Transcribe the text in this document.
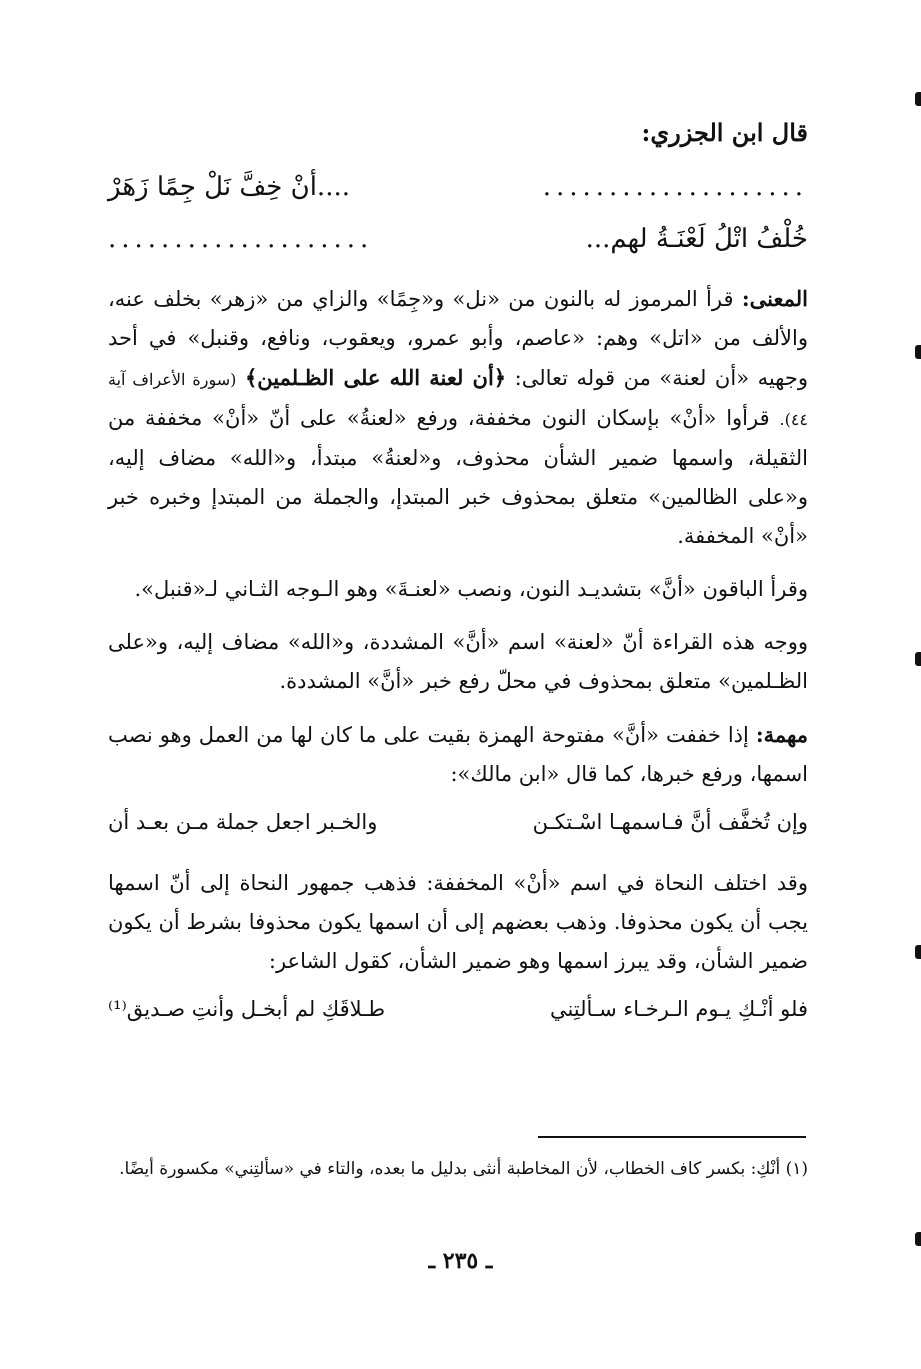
قال ابن الجزري:
....................
....أنْ خِفَّ نَلْ جِمًا زَهَرْ
خُلْفُ اتْلُ لَعْنَـةُ لهم...
....................

المعنى: قرأ المرموز له بالنون من «نل» و«جِمًا» والزاي من «زهر» بخلف عنه، والألف من «اتل» وهم: «عاصم، وأبو عمرو، ويعقوب، ونافع، وقنبل» في أحد وجهيه «أن لعنة» من قوله تعالى: ﴿أن لعنة الله على الظـلمين﴾ (سورة الأعراف آية ٤٤). قرأوا «أنْ» بإسكان النون مخففة، ورفع «لعنةُ» على أنّ «أنْ» مخففة من الثقيلة، واسمها ضمير الشأن محذوف، و«لعنةُ» مبتدأ، و«الله» مضاف إليه، و«على الظالمين» متعلق بمحذوف خبر المبتدإ، والجملة من المبتدإ وخبره خبر «أنْ» المخففة.

وقرأ الباقون «أنَّ» بتشديـد النون، ونصب «لعنـةَ» وهو الـوجه الثـاني لـ«قنبل».

ووجه هذه القراءة أنّ «لعنة» اسم «أنَّ» المشددة، و«الله» مضاف إليه، و«على الظـلمين» متعلق بمحذوف في محلّ رفع خبر «أنَّ» المشددة.

مهمة: إذا خففت «أنَّ» مفتوحة الهمزة بقيت على ما كان لها من العمل وهو نصب اسمها، ورفع خبرها، كما قال «ابن مالك»:

وإن تُخفَّف أنَّ فـاسمهـا اسْـتكـن
والخـبر اجعل جملة مـن بعـد أن

وقد اختلف النحاة في اسم «أنْ» المخففة: فذهب جمهور النحاة إلى أنّ اسمها يجب أن يكون محذوفا. وذهب بعضهم إلى أن اسمها يكون محذوفا بشرط أن يكون ضمير الشأن، وقد يبرز اسمها وهو ضمير الشأن، كقول الشاعر:

فلو أنْـكِ يـوم الـرخـاء سـألتِني
طـلاقَكِ لم أبخـل وأنتِ صـديق⁽¹⁾
(١) أنْكِ: بكسر كاف الخطاب، لأن المخاطبة أنثى بدليل ما بعده، والتاء في «سألتِني» مكسورة أيضًا.
ـ ٢٣٥ ـ
